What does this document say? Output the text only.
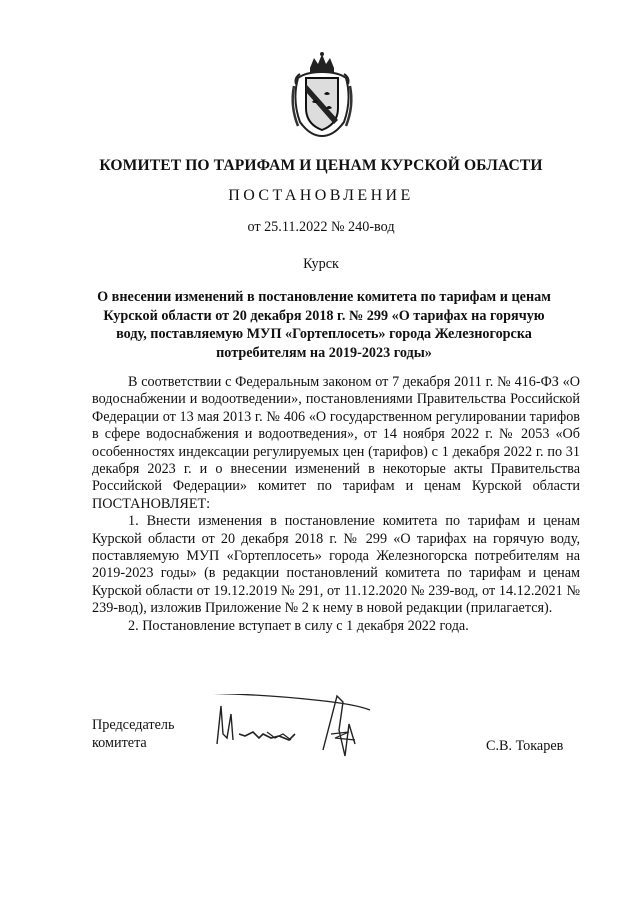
КОМИТЕТ ПО ТАРИФАМ И ЦЕНАМ КУРСКОЙ ОБЛАСТИ
ПОСТАНОВЛЕНИЕ
от 25.11.2022 № 240-вод
Курск
О внесении изменений в постановление комитета по тарифам и ценам Курской области от 20 декабря 2018 г. № 299 «О тарифах на горячую воду, поставляемую МУП «Гортеплосеть» города Железногорска потребителям на 2019-2023 годы»

В соответствии с Федеральным законом от 7 декабря 2011 г. № 416-ФЗ «О водоснабжении и водоотведении», постановлениями Правительства Российской Федерации от 13 мая 2013 г. № 406 «О государственном регулировании тарифов в сфере водоснабжения и водоотведения», от 14 ноября 2022 г. № 2053 «Об особенностях индексации регулируемых цен (тарифов) с 1 декабря 2022 г. по 31 декабря 2023 г. и о внесении изменений в некоторые акты Правительства Российской Федерации» комитет по тарифам и ценам Курской области ПОСТАНОВЛЯЕТ:

1. Внести изменения в постановление комитета по тарифам и ценам Курской области от 20 декабря 2018 г. № 299 «О тарифах на горячую воду, поставляемую МУП «Гортеплосеть» города Железногорска потребителям на 2019-2023 годы» (в редакции постановлений комитета по тарифам и ценам Курской области от 19.12.2019 № 291, от 11.12.2020 № 239-вод, от 14.12.2021 № 239-вод), изложив Приложение № 2 к нему в новой редакции (прилагается).

2. Постановление вступает в силу с 1 декабря 2022 года.

Председатель
комитета	С.В. Токарев
